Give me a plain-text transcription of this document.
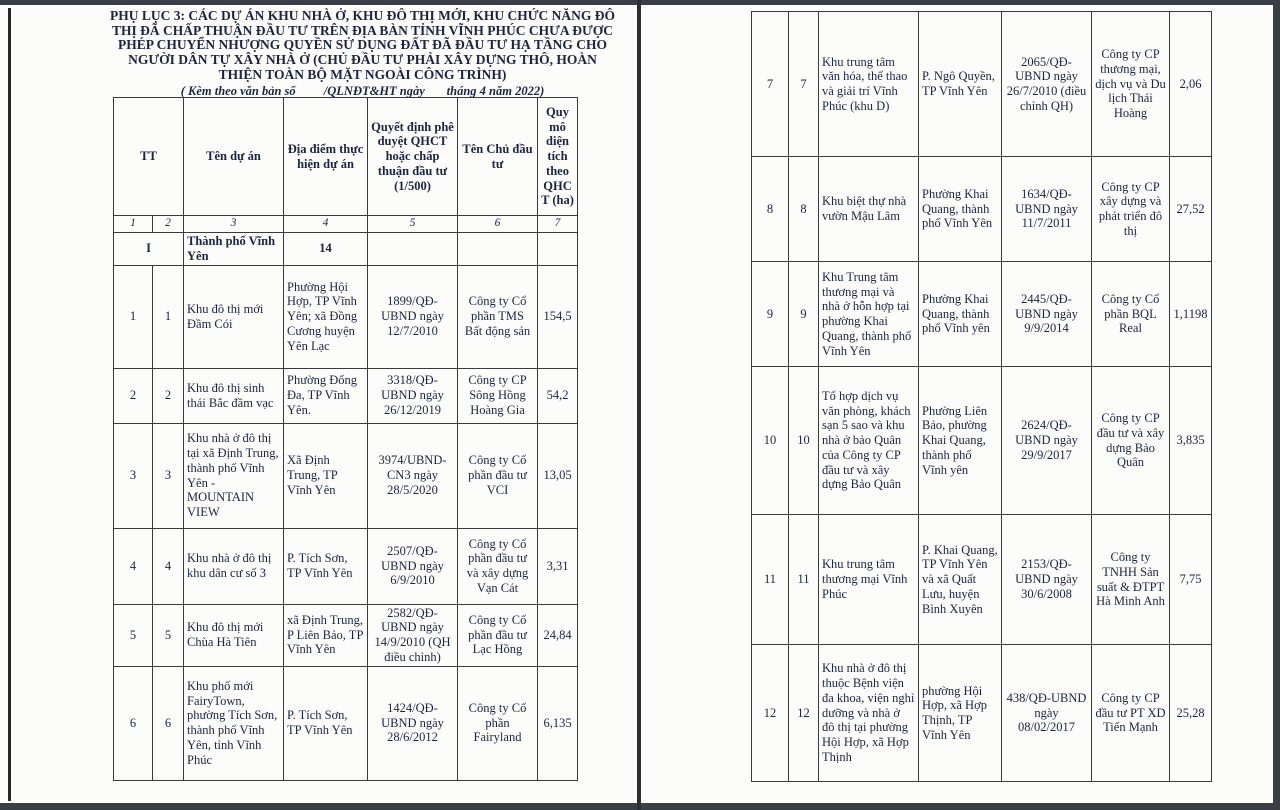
PHỤ LỤC 3: CÁC DỰ ÁN KHU NHÀ Ở, KHU ĐÔ THỊ MỚI, KHU CHỨC NĂNG ĐÔ THỊ ĐÃ CHẤP THUẬN ĐẦU TƯ TRÊN ĐỊA BÀN TỈNH VĨNH PHÚC CHƯA ĐƯỢC PHÉP CHUYỂN NHƯỢNG QUYỀN SỬ DỤNG ĐẤT ĐÃ ĐẦU TƯ HẠ TẦNG CHO NGƯỜI DÂN TỰ XÂY NHÀ Ở (CHỦ ĐẦU TƯ PHẢI XÂY DỰNG THÔ, HOÀN THIỆN TOÀN BỘ MẶT NGOÀI CÔNG TRÌNH)
( Kèm theo văn bản số         /QLNĐT&HT ngày       tháng 4 năm 2022)
TT		Tên dự án	Địa điểm thực hiện dự án	Quyết định phê duyệt QHCT hoặc chấp thuận đầu tư (1/500)	Tên Chủ đầu tư	Quy mô diện tích theo QHCT (ha)
1	2	3	4	5	6	7
I		Thành phố Vĩnh Yên	14			
1	1	Khu đô thị mới Đầm Cói	Phường Hội Hợp, TP Vĩnh Yên; xã Đồng Cương huyện Yên Lạc	1899/QĐ-UBND ngày 12/7/2010	Công ty Cổ phần TMS Bất động sản	154,5
2	2	Khu đô thị sinh thái Bắc đầm vạc	Phường Đống Đa, TP Vĩnh Yên.	3318/QĐ-UBND ngày 26/12/2019	Công ty CP Sông Hồng Hoàng Gia	54,2
3	3	Khu nhà ở đô thị tại xã Định Trung, thành phố Vĩnh Yên - MOUNTAIN VIEW	Xã Định Trung, TP Vĩnh Yên	3974/UBND-CN3 ngày 28/5/2020	Công ty Cổ phần đầu tư VCI	13,05
4	4	Khu nhà ở đô thị khu dân cư số 3	P. Tích Sơn, TP Vĩnh Yên	2507/QĐ-UBND ngày 6/9/2010	Công ty Cổ phần đầu tư và xây dựng Vạn Cát	3,31
5	5	Khu đô thị mới Chùa Hà Tiên	xã Định Trung, P Liên Bảo, TP Vĩnh Yên	2582/QĐ-UBND ngày 14/9/2010 (QH điều chỉnh)	Công ty Cổ phần đầu tư Lạc Hồng	24,84
6	6	Khu phố mới FairyTown, phường Tích Sơn, thành phố Vĩnh Yên, tỉnh Vĩnh Phúc	P. Tích Sơn, TP Vĩnh Yên	1424/QĐ-UBND ngày 28/6/2012	Công ty Cổ phần Fairyland	6,135
7	7	Khu trung tâm văn hóa, thể thao và giải trí Vĩnh Phúc (khu D)	P. Ngô Quyền, TP Vĩnh Yên	2065/QĐ-UBND ngày 26/7/2010 (điều chỉnh QH)	Công ty CP thương mại, dịch vụ và Du lịch Thái Hoàng	2,06
8	8	Khu biệt thự nhà vườn Mậu Lâm	Phường Khai Quang, thành phố Vĩnh Yên	1634/QĐ-UBND ngày 11/7/2011	Công ty CP xây dựng và phát triển đô thị	27,52
9	9	Khu Trung tâm thương mại và nhà ở hỗn hợp tại phường Khai Quang, thành phố Vĩnh Yên	Phường Khai Quang, thành phố Vĩnh yên	2445/QĐ-UBND ngày 9/9/2014	Công ty Cổ phần BQL Real	1,1198
10	10	Tổ hợp dịch vụ văn phòng, khách sạn 5 sao và khu nhà ở bảo Quân của Công ty CP đầu tư và xây dựng Bảo Quân	Phường Liên Bảo, phường Khai Quang, thành phố Vĩnh yên	2624/QĐ-UBND ngày 29/9/2017	Công ty CP đầu tư và xây dựng Bảo Quân	3,835
11	11	Khu trung tâm thương mại Vĩnh Phúc	P. Khai Quang, TP Vĩnh Yên và xã Quất Lưu, huyện Bình Xuyên	2153/QĐ-UBND ngày 30/6/2008	Công ty TNHH Sản suất & ĐTPT Hà Minh Anh	7,75
12	12	Khu nhà ở đô thị thuộc Bệnh viện đa khoa, viện nghỉ dưỡng và nhà ở đô thị tại phường Hội Hợp, xã Hợp Thịnh	phường Hội Hợp, xã Hợp Thịnh, TP Vĩnh Yên	438/QĐ-UBND ngày 08/02/2017	Công ty CP đầu tư PT XD Tiến Mạnh	25,28
